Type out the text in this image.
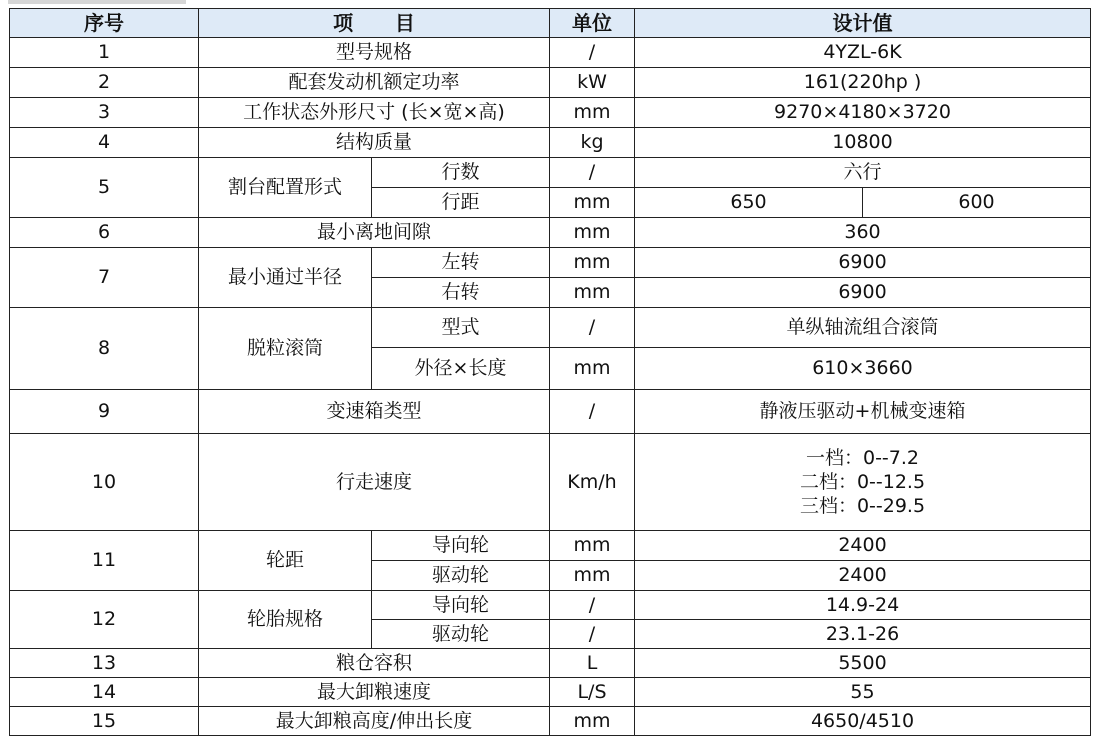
序号	项      目		单位	设计值	
1	型号规格		/	4YZL-6K	
2	配套发动机额定功率		kW	161(220hp )	
3	工作状态外形尺寸 (长×宽×高)		mm	9270×4180×3720	
4	结构质量		kg	10800	
5	割台配置形式	行数	/	六行	
		行距	mm	650	600
6	最小离地间隙		mm	360	
7	最小通过半径	左转	mm	6900	
		右转	mm	6900	
8	脱粒滚筒	型式	/	单纵轴流组合滚筒	
		外径×长度	mm	610×3660	
9	变速箱类型		/	静液压驱动+机械变速箱	
10	行走速度		Km/h	一档：0--7.2
二档：0--12.5
三档：0--29.5	

11	轮距	导向轮	mm	2400	
		驱动轮	mm	2400	
12	轮胎规格	导向轮	/	14.9-24	
		驱动轮	/	23.1-26	
13	粮仓容积		L	5500	
14	最大卸粮速度		L/S	55	
15	最大卸粮高度/伸出长度		mm	4650/4510	
